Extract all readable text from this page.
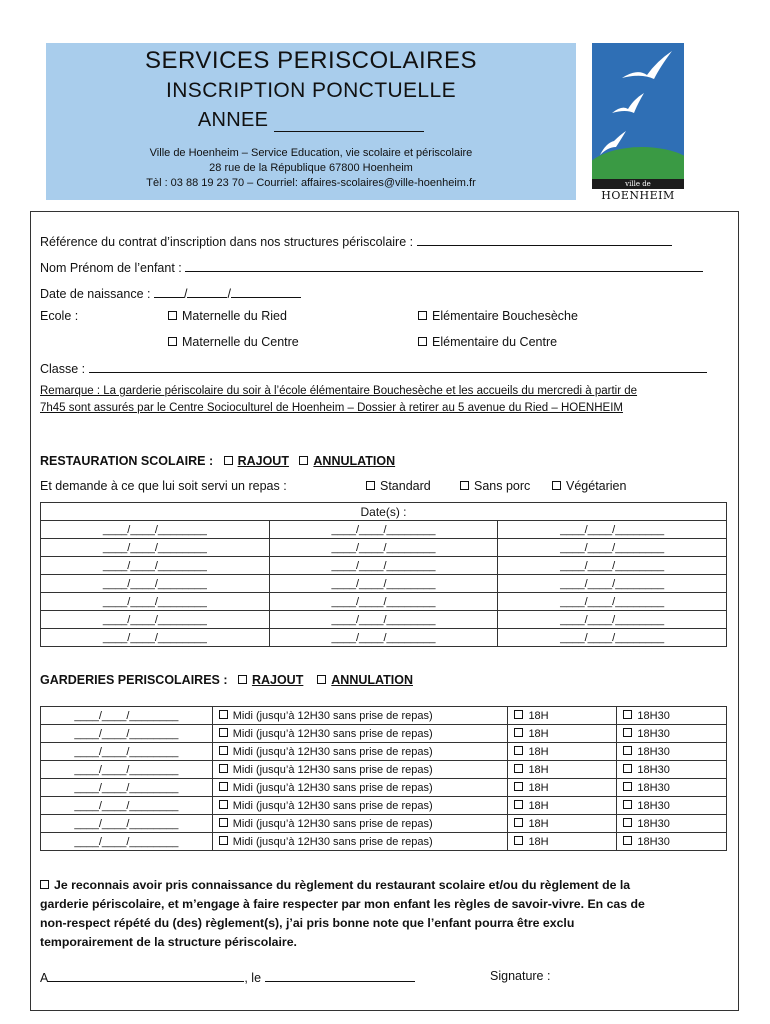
SERVICES PERISCOLAIRES
INSCRIPTION PONCTUELLE
ANNEE
Ville de Hoenheim – Service Education, vie scolaire et périscolaire
28 rue de la République 67800 Hoenheim
Tèl : 03 88 19 23 70 – Courriel: affaires-scolaires@ville-hoenheim.fr	ville de
HOENHEIM
Référence du contrat d’inscription dans nos structures périscolaire :
Nom Prénom de l’enfant :
Date de naissance :	/	/
Ecole :	Maternelle du Ried	Elémentaire Bouchesèche
Maternelle du Centre	Elémentaire du Centre
Classe :
Remarque : La garderie périscolaire du soir à l’école élémentaire Bouchesèche et les accueils du mercredi à partir de
7h45 sont assurés par le Centre Socioculturel de Hoenheim – Dossier à retirer au 5 avenue du Ried – HOENHEIM
RESTAURATION SCOLAIRE : RAJOUT ANNULATION
Et demande à ce que lui soit servi un repas :	Standard	Sans porc	Végétarien
Date(s) :		
____/____/________	____/____/________	____/____/________
____/____/________	____/____/________	____/____/________
____/____/________	____/____/________	____/____/________
____/____/________	____/____/________	____/____/________
____/____/________	____/____/________	____/____/________
____/____/________	____/____/________	____/____/________
____/____/________	____/____/________	____/____/________
GARDERIES PERISCOLAIRES : RAJOUT ANNULATION
____/____/________	Midi (jusqu’à 12H30 sans prise de repas)	18H	18H30
____/____/________	Midi (jusqu’à 12H30 sans prise de repas)	18H	18H30
____/____/________	Midi (jusqu’à 12H30 sans prise de repas)	18H	18H30
____/____/________	Midi (jusqu’à 12H30 sans prise de repas)	18H	18H30
____/____/________	Midi (jusqu’à 12H30 sans prise de repas)	18H	18H30
____/____/________	Midi (jusqu’à 12H30 sans prise de repas)	18H	18H30
____/____/________	Midi (jusqu’à 12H30 sans prise de repas)	18H	18H30
____/____/________	Midi (jusqu’à 12H30 sans prise de repas)	18H	18H30
Je reconnais avoir pris connaissance du règlement du restaurant scolaire et/ou du règlement de la
garderie périscolaire, et m’engage à faire respecter par mon enfant les règles de savoir-vivre. En cas de
non-respect répété du (des) règlement(s), j’ai pris bonne note que l’enfant pourra être exclu
temporairement de la structure périscolaire.
A	, le	Signature :
